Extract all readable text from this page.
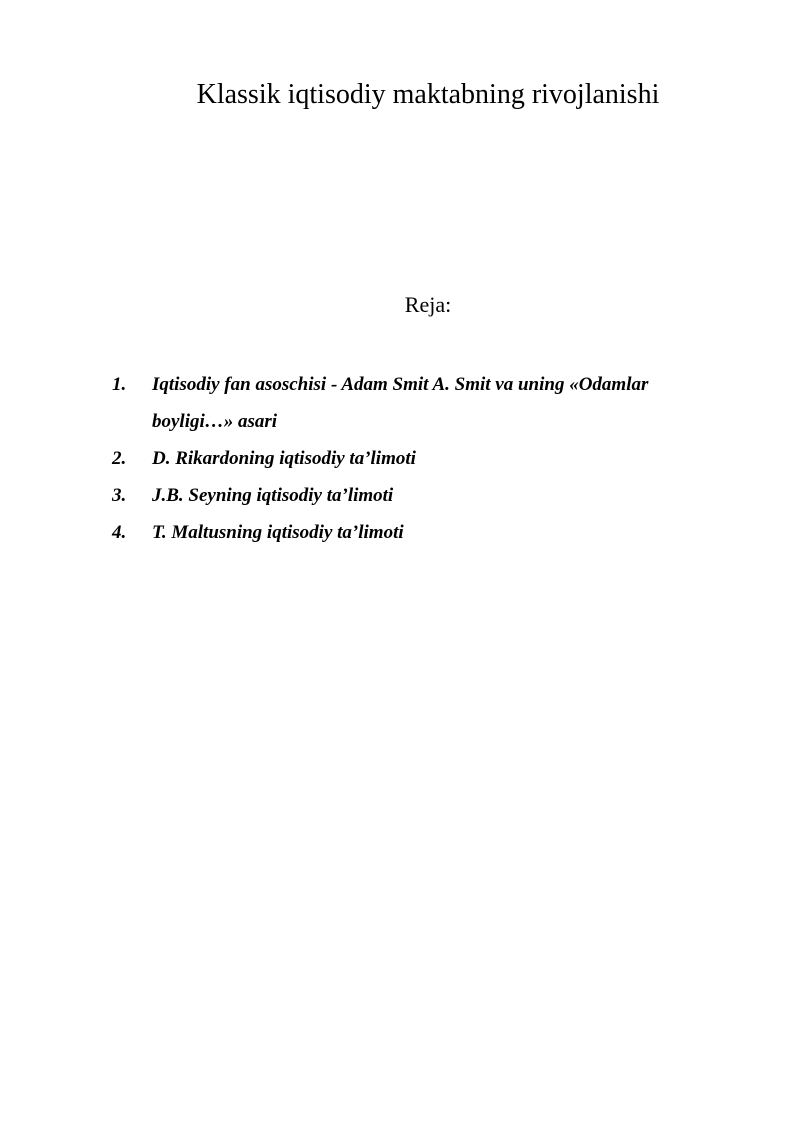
Klassik iqtisodiy maktabning rivojlanishi

Reja:

1.	Iqtisodiy fan asoschisi - Adam Smit A. Smit va uning «Odamlar boyligi…» asari
2.	D. Rikardoning iqtisodiy ta’limoti
3.	J.B. Seyning iqtisodiy ta’limoti
4.	T. Maltusning iqtisodiy ta’limoti
